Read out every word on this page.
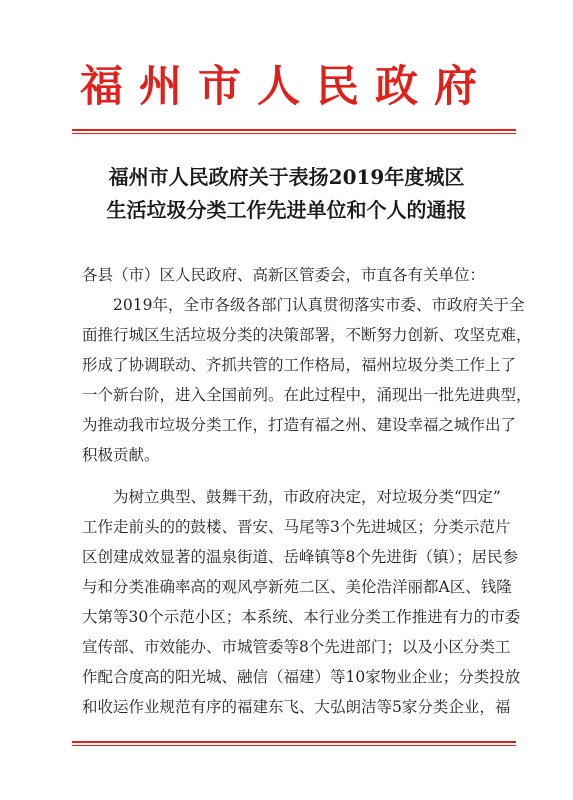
福州市人民政府
福州市人民政府关于表扬2019年度城区
生活垃圾分类工作先进单位和个人的通报
各县（市）区人民政府、高新区管委会，市直各有关单位：
2019年，全市各级各部门认真贯彻落实市委、市政府关于全
面推行城区生活垃圾分类的决策部署，不断努力创新、攻坚克难，
形成了协调联动、齐抓共管的工作格局，福州垃圾分类工作上了
一个新台阶，进入全国前列。在此过程中，涌现出一批先进典型，
为推动我市垃圾分类工作，打造有福之州、建设幸福之城作出了
积极贡献。
为树立典型、鼓舞干劲，市政府决定，对垃圾分类“四定”
工作走前头的的鼓楼、晋安、马尾等3个先进城区；分类示范片
区创建成效显著的温泉街道、岳峰镇等8个先进街（镇）；居民参
与和分类准确率高的观风亭新苑二区、美伦浩洋丽都A区、钱隆
大第等30个示范小区；本系统、本行业分类工作推进有力的市委
宣传部、市效能办、市城管委等8个先进部门；以及小区分类工
作配合度高的阳光城、融信（福建）等10家物业企业；分类投放
和收运作业规范有序的福建东飞、大弘朗洁等5家分类企业，福
